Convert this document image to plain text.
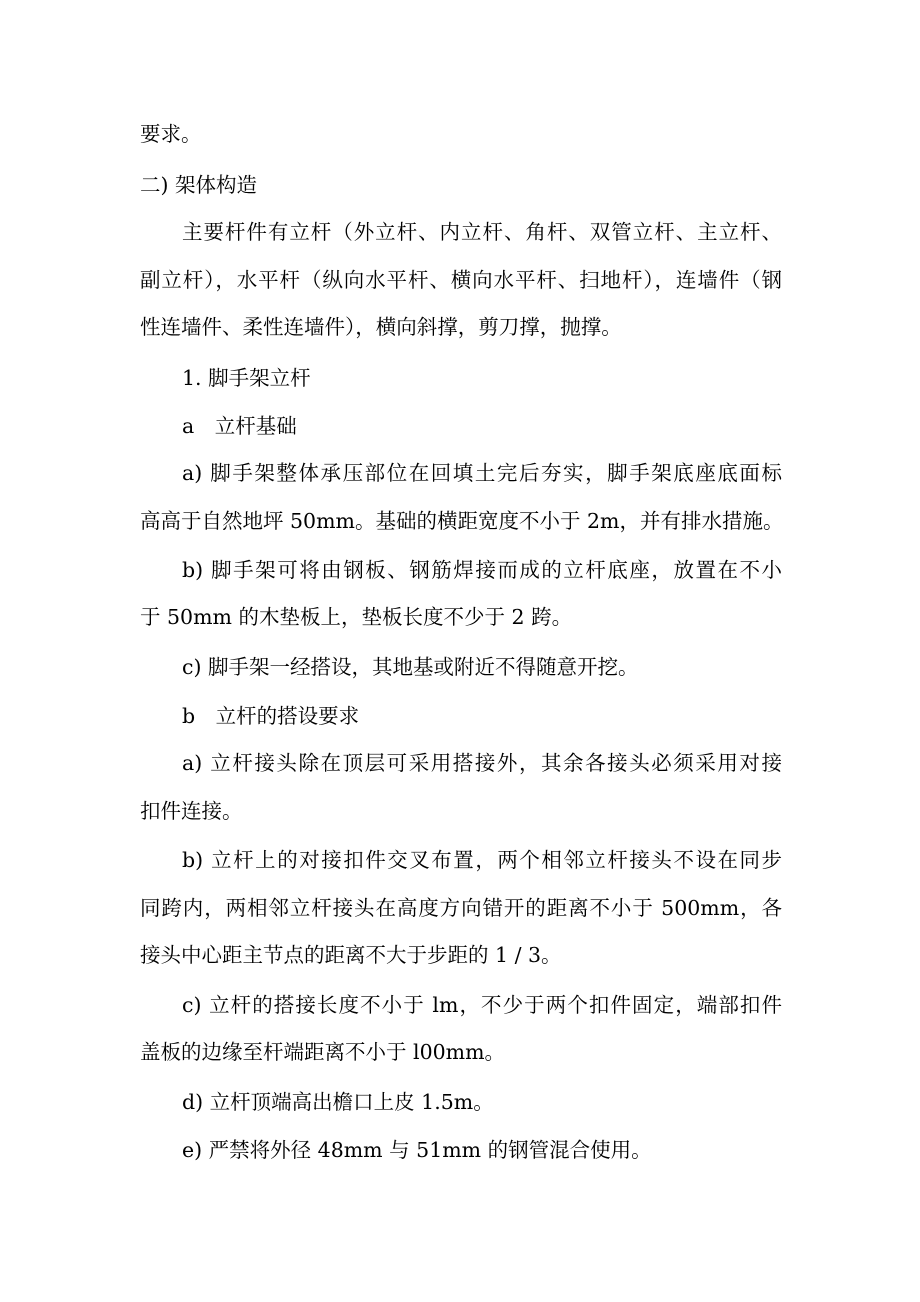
要求。
二) 架体构造
主要杆件有立杆（外立杆、内立杆、角杆、双管立杆、主立杆、
副立杆），水平杆（纵向水平杆、横向水平杆、扫地杆），连墙件（钢
性连墙件、柔性连墙件），横向斜撑，剪刀撑，抛撑。
1. 脚手架立杆
a　立杆基础
a) 脚手架整体承压部位在回填土完后夯实，脚手架底座底面标
高高于自然地坪 50mm。基础的横距宽度不小于 2m，并有排水措施。
b) 脚手架可将由钢板、钢筋焊接而成的立杆底座，放置在不小
于 50mm 的木垫板上，垫板长度不少于 2 跨。
c) 脚手架一经搭设，其地基或附近不得随意开挖。
b　立杆的搭设要求
a) 立杆接头除在顶层可采用搭接外，其余各接头必须采用对接
扣件连接。
b) 立杆上的对接扣件交叉布置，两个相邻立杆接头不设在同步
同跨内，两相邻立杆接头在高度方向错开的距离不小于 500mm，各
接头中心距主节点的距离不大于步距的 1 / 3。
c) 立杆的搭接长度不小于 lm，不少于两个扣件固定，端部扣件
盖板的边缘至杆端距离不小于 l00mm。
d) 立杆顶端高出檐口上皮 1.5m。
e) 严禁将外径 48mm 与 51mm 的钢管混合使用。
